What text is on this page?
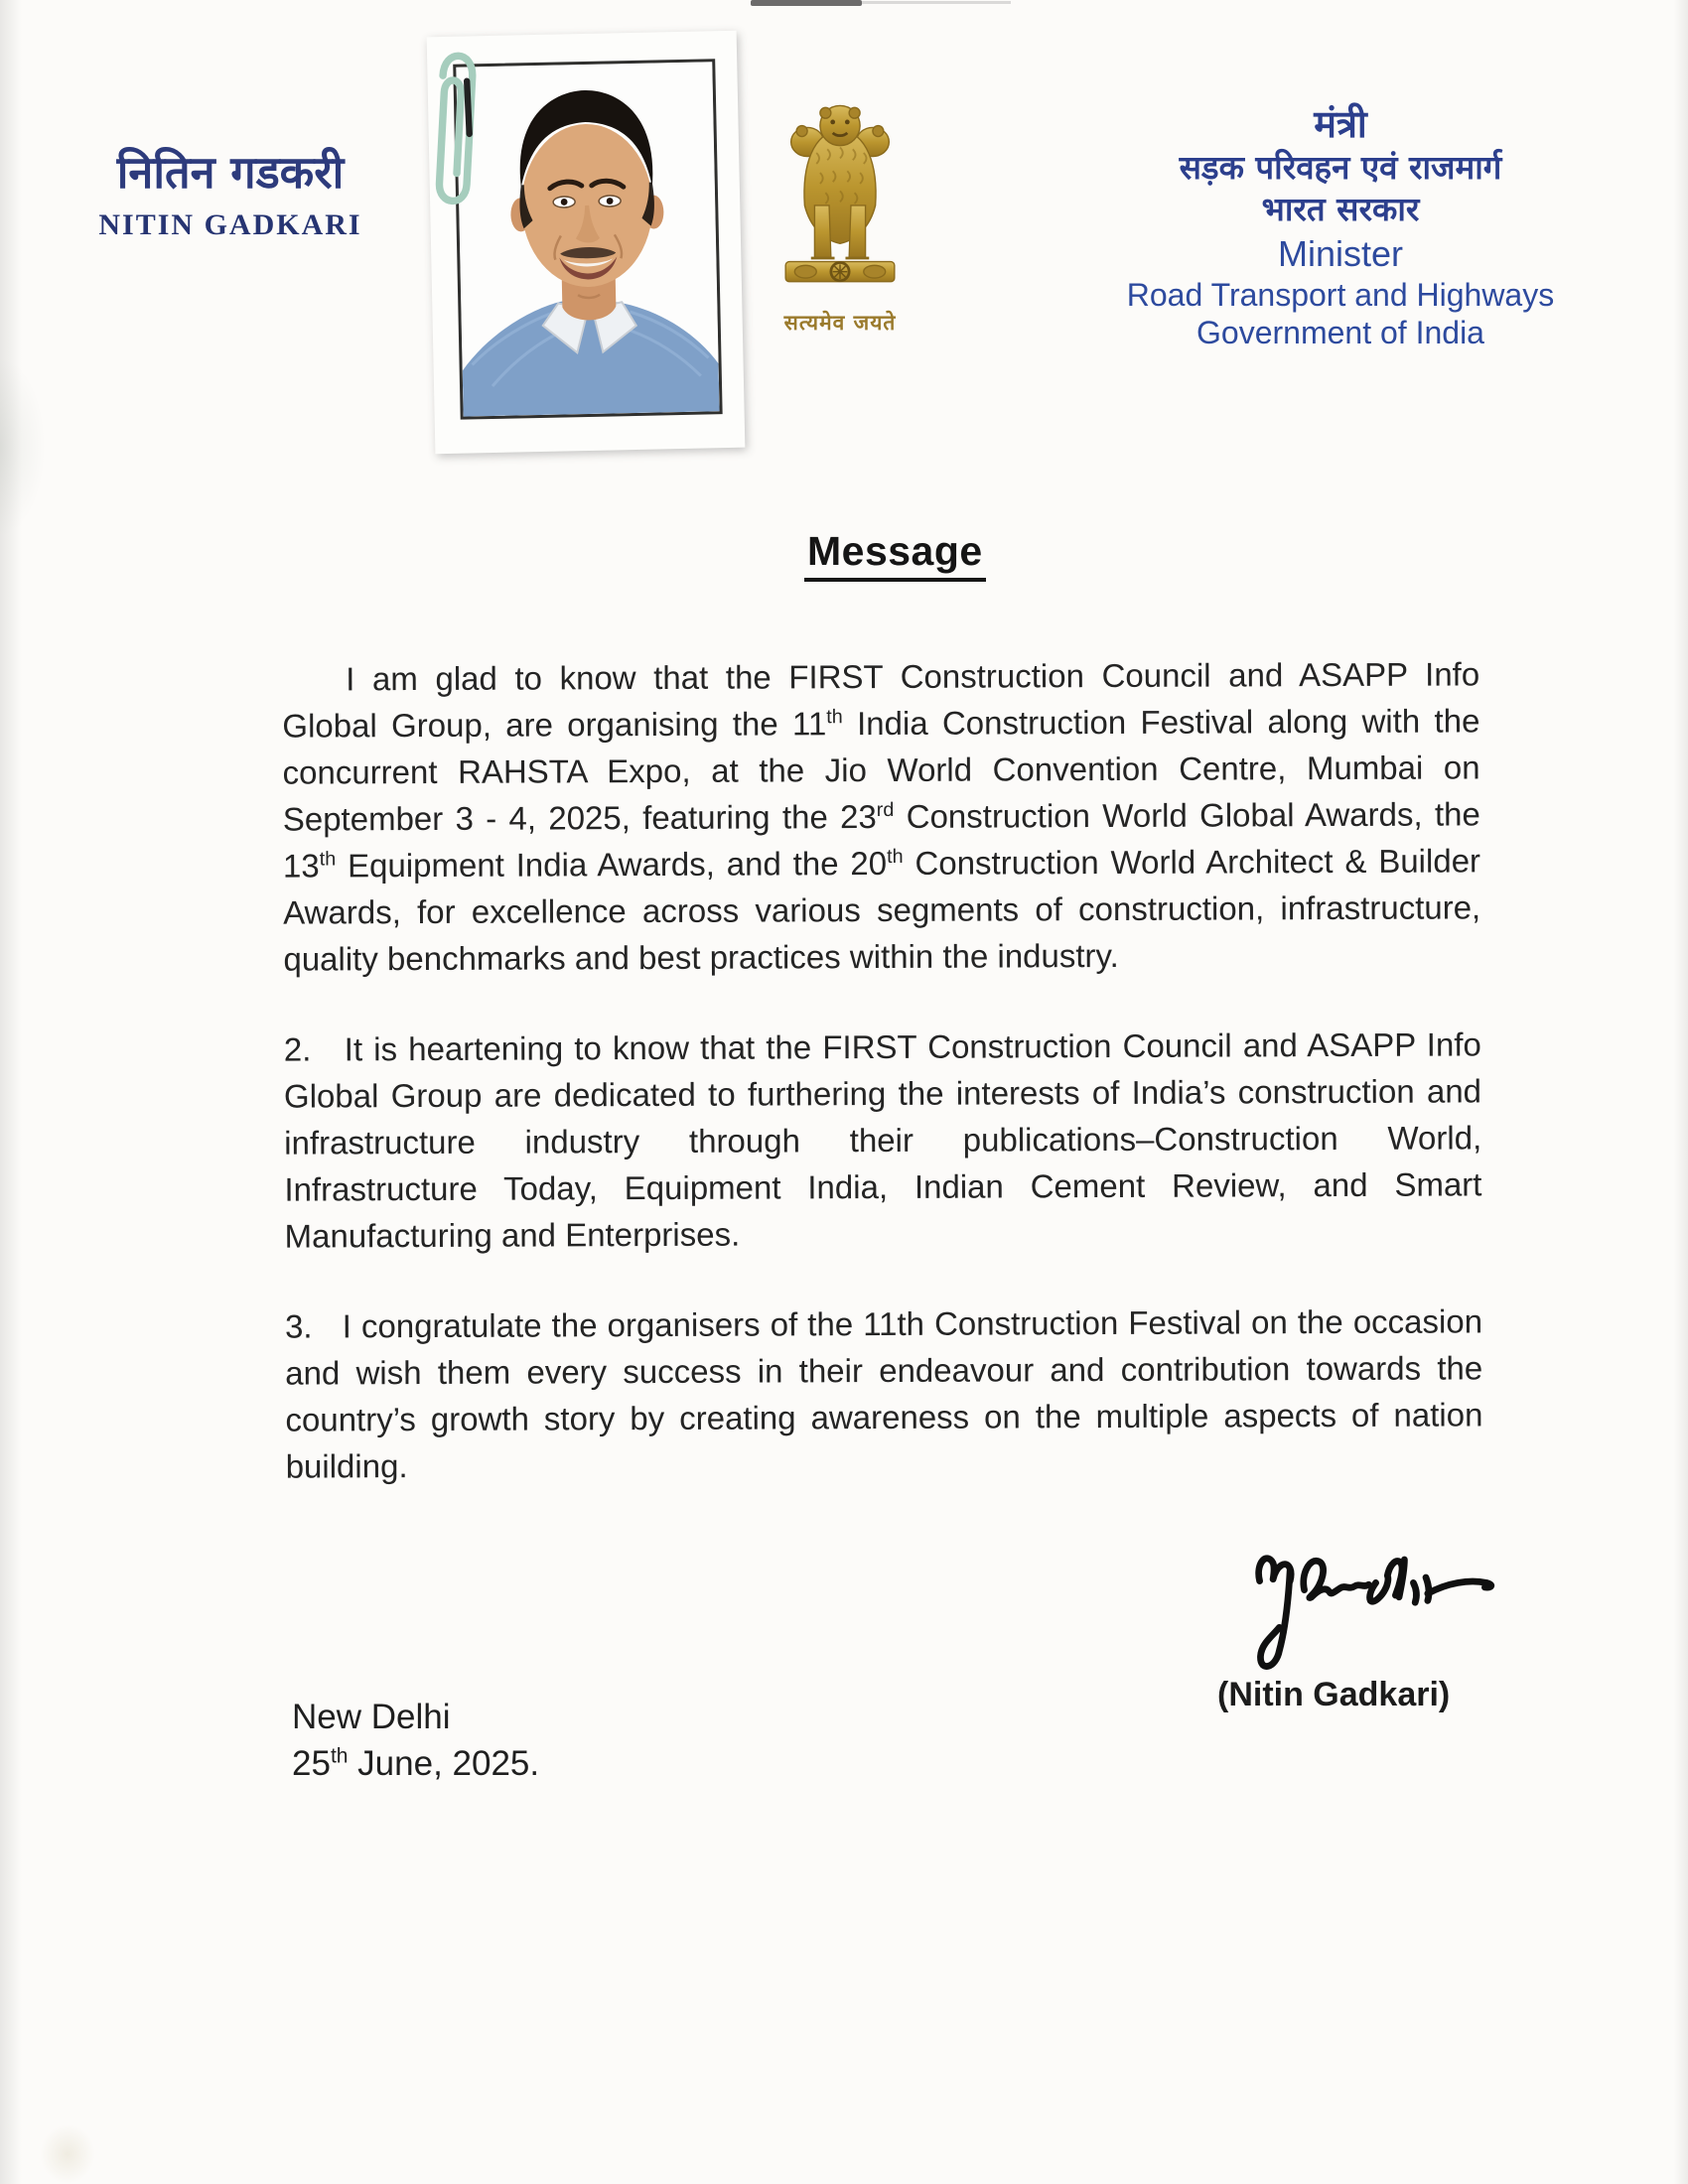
नितिन गडकरी
NITIN GADKARI
सत्यमेव जयते
मंत्री
सड़क परिवहन एवं राजमार्ग
भारत सरकार
Minister
Road Transport and Highways
Government of India
Message

I am glad to know that the FIRST Construction Council and ASAPP Info Global Group, are organising the 11th India Construction Festival along with the concurrent RAHSTA Expo, at the Jio World Convention Centre, Mumbai on September 3 - 4, 2025, featuring the 23rd Construction World Global Awards, the 13th Equipment India Awards, and the 20th Construction World Architect & Builder Awards, for excellence across various segments of construction, infrastructure, quality benchmarks and best practices within the industry.

2.   It is heartening to know that the FIRST Construction Council and ASAPP Info Global Group are dedicated to furthering the interests of India’s construction and infrastructure industry through their publications–Construction World, Infrastructure Today, Equipment India, Indian Cement Review, and Smart Manufacturing and Enterprises.

3.   I congratulate the organisers of the 11th Construction Festival on the occasion and wish them every success in their endeavour and contribution towards the country’s growth story by creating awareness on the multiple aspects of nation building.

(Nitin Gadkari)
New Delhi
25th June, 2025.
